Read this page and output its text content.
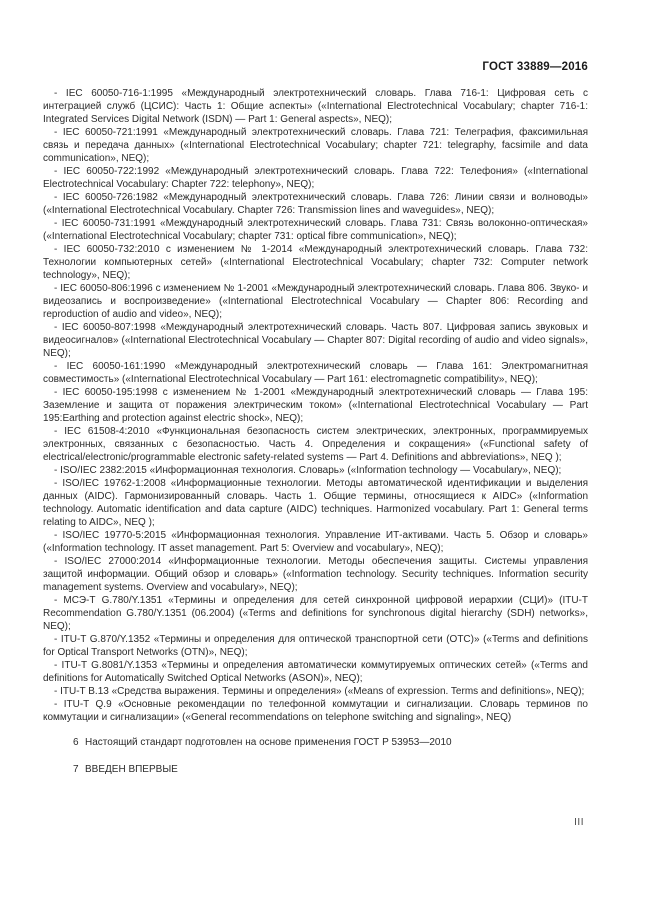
ГОСТ 33889—2016

- IEC 60050-716-1:1995 «Международный электротехнический словарь. Глава 716-1: Цифровая сеть с интеграцией служб (ЦСИС): Часть 1: Общие аспекты» («International Electrotechnical Vocabulary; chapter 716-1: Integrated Services Digital Network (ISDN) — Part 1: General aspects», NEQ);

- IEC 60050-721:1991 «Международный электротехнический словарь. Глава 721: Телеграфия, факсимильная связь и передача данных» («International Electrotechnical Vocabulary; chapter 721: telegraphy, facsimile and data communication», NEQ);

- IEC 60050-722:1992 «Международный электротехнический словарь. Глава 722: Телефония» («International Electrotechnical Vocabulary: Chapter 722: telephony», NEQ);

- IEC 60050-726:1982 «Международный электротехнический словарь. Глава 726: Линии связи и волноводы» («International Electrotechnical Vocabulary. Chapter 726: Transmission lines and waveguides», NEQ);

- IEC 60050-731:1991 «Международный электротехнический словарь. Глава 731: Связь волоконно-оптическая» («International Electrotechnical Vocabulary; chapter 731: optical fibre communication», NEQ);

- IEC 60050-732:2010 с изменением № 1-2014 «Международный электротехнический словарь. Глава 732: Технологии компьютерных сетей» («International Electrotechnical Vocabulary; chapter 732: Computer network technology», NEQ);

- IEC 60050-806:1996 с изменением № 1-2001 «Международный электротехнический словарь. Глава 806. Звуко- и видеозапись и воспроизведение» («International Electrotechnical Vocabulary — Chapter 806: Recording and reproduction of audio and video», NEQ);

- IEC 60050-807:1998 «Международный электротехнический словарь. Часть 807. Цифровая запись звуковых и видеосигналов» («International Electrotechnical Vocabulary — Chapter 807: Digital recording of audio and video signals», NEQ);

- IEC 60050-161:1990 «Международный электротехнический словарь — Глава 161: Электромагнитная совместимость» («International Electrotechnical Vocabulary — Part 161: electromagnetic compatibility», NEQ);

- IEC 60050-195:1998 с изменением № 1-2001 «Международный электротехнический словарь — Глава 195: Заземление и защита от поражения электрическим током» («International Electrotechnical Vocabulary — Part 195:Earthing and protection against electric shock», NEQ);

- IEC 61508-4:2010 «Функциональная безопасность систем электрических, электронных, программируемых электронных, связанных с безопасностью. Часть 4. Определения и сокращения» («Functional safety of electrical/electronic/programmable electronic safety-related systems — Part 4. Definitions and abbreviations», NEQ );

- ISO/IEC 2382:2015 «Информационная технология. Словарь» («Information technology — Vocabulary», NEQ);

- ISO/IEC 19762-1:2008 «Информационные технологии. Методы автоматической идентификации и выделения данных (AIDC). Гармонизированный словарь. Часть 1. Общие термины, относящиеся к AIDC» («Information technology. Automatic identification and data capture (AIDC) techniques. Harmonized vocabulary. Part 1: General terms relating to AIDC», NEQ );

- ISO/IEC 19770-5:2015 «Информационная технология. Управление ИТ-активами. Часть 5. Обзор и словарь» («Information technology. IT asset management. Part 5: Overview and vocabulary», NEQ);

- ISO/IEC 27000:2014 «Информационные технологии. Методы обеспечения защиты. Системы управления защитой информации. Общий обзор и словарь» («Information technology. Security techniques. Information security management systems. Overview and vocabulary», NEQ);

- МСЭ-Т G.780/Y.1351 «Термины и определения для сетей синхронной цифровой иерархии (СЦИ)» (ITU-T Recommendation G.780/Y.1351 (06.2004) («Terms and definitions for synchronous digital hierarchy (SDH) networks», NEQ);

- ITU-T G.870/Y.1352 «Термины и определения для оптической транспортной сети (ОТС)» («Terms and definitions for Optical Transport Networks (OTN)», NEQ);

- ITU-T G.8081/Y.1353 «Термины и определения автоматически коммутируемых оптических сетей» («Terms and definitions for Automatically Switched Optical Networks (ASON)», NEQ);

- ITU-T B.13 «Средства выражения. Термины и определения» («Means of expression. Terms and definitions», NEQ);

- ITU-T Q.9 «Основные рекомендации по телефонной коммутации и сигнализации. Словарь терминов по коммутации и сигнализации» («General recommendations on telephone switching and signaling», NEQ)

6 Настоящий стандарт подготовлен на основе применения ГОСТ Р 53953—2010

7 ВВЕДЕН ВПЕРВЫЕ

III
